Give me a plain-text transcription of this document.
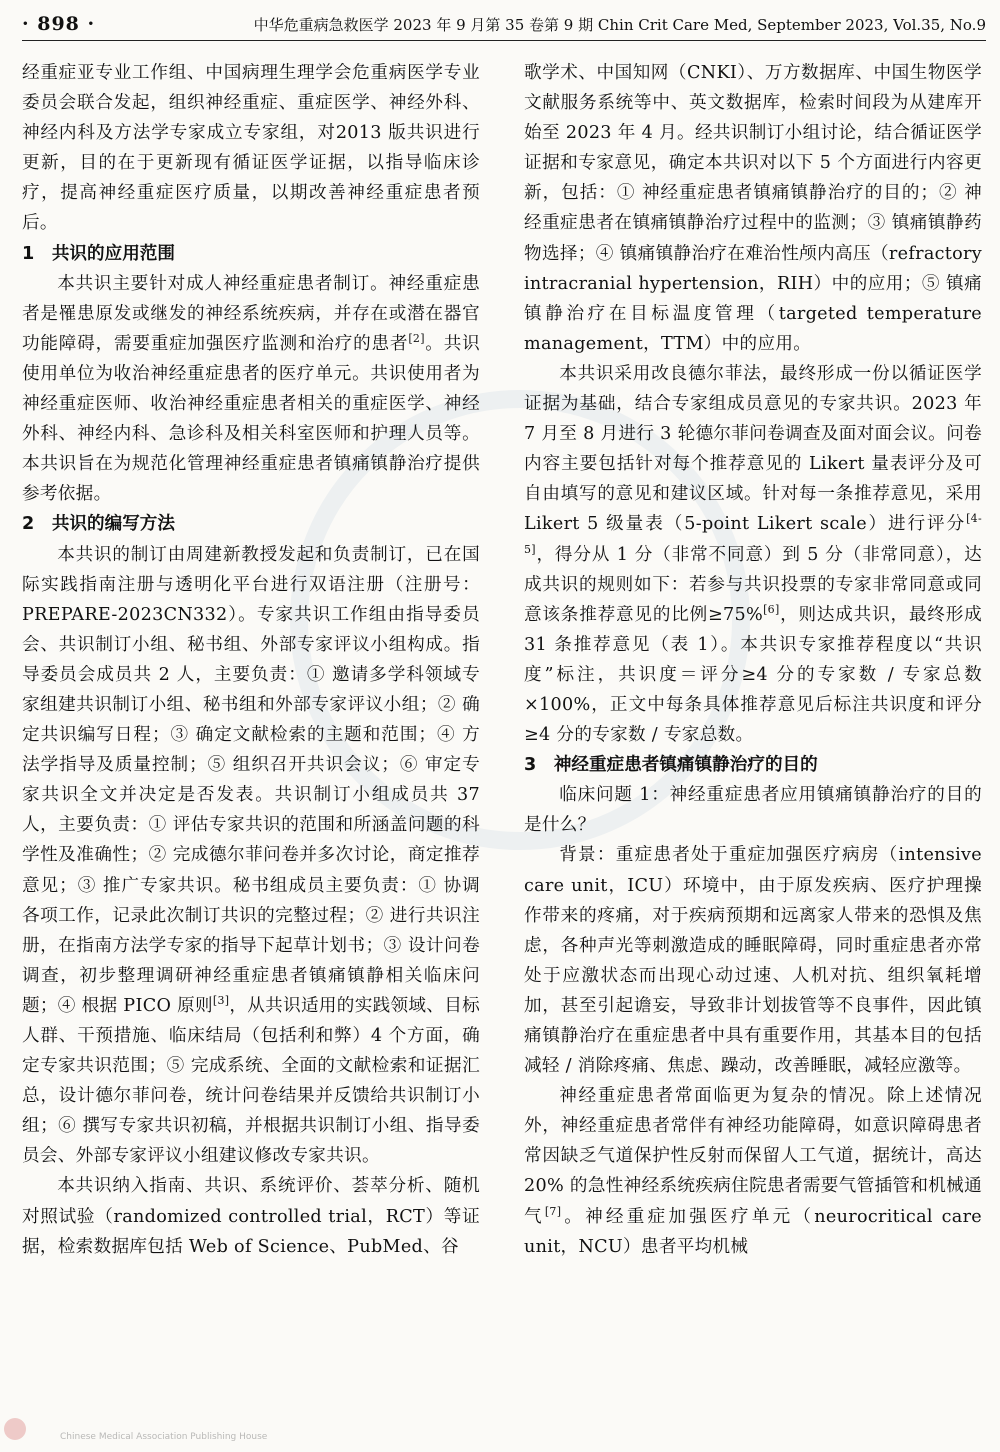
· 898 ·	中华危重病急救医学 2023 年 9 月第 35 卷第 9 期 Chin Crit Care Med, September 2023, Vol.35, No.9

经重症亚专业工作组、中国病理生理学会危重病医学专业委员会联合发起，组织神经重症、重症医学、神经外科、神经内科及方法学专家成立专家组，对2013 版共识进行更新，目的在于更新现有循证医学证据，以指导临床诊疗，提高神经重症医疗质量，以期改善神经重症患者预后。

1　共识的应用范围

本共识主要针对成人神经重症患者制订。神经重症患者是罹患原发或继发的神经系统疾病，并存在或潜在器官功能障碍，需要重症加强医疗监测和治疗的患者[2]。共识使用单位为收治神经重症患者的医疗单元。共识使用者为神经重症医师、收治神经重症患者相关的重症医学、神经外科、神经内科、急诊科及相关科室医师和护理人员等。本共识旨在为规范化管理神经重症患者镇痛镇静治疗提供参考依据。

2　共识的编写方法

本共识的制订由周建新教授发起和负责制订，已在国际实践指南注册与透明化平台进行双语注册（注册号：PREPARE-2023CN332）。专家共识工作组由指导委员会、共识制订小组、秘书组、外部专家评议小组构成。指导委员会成员共 2 人，主要负责：① 邀请多学科领域专家组建共识制订小组、秘书组和外部专家评议小组；② 确定共识编写日程；③ 确定文献检索的主题和范围；④ 方法学指导及质量控制；⑤ 组织召开共识会议；⑥ 审定专家共识全文并决定是否发表。共识制订小组成员共 37 人，主要负责：① 评估专家共识的范围和所涵盖问题的科学性及准确性；② 完成德尔菲问卷并多次讨论，商定推荐意见；③ 推广专家共识。秘书组成员主要负责：① 协调各项工作，记录此次制订共识的完整过程；② 进行共识注册，在指南方法学专家的指导下起草计划书；③ 设计问卷调查，初步整理调研神经重症患者镇痛镇静相关临床问题；④ 根据 PICO 原则[3]，从共识适用的实践领域、目标人群、干预措施、临床结局（包括利和弊）4 个方面，确定专家共识范围；⑤ 完成系统、全面的文献检索和证据汇总，设计德尔菲问卷，统计问卷结果并反馈给共识制订小组；⑥ 撰写专家共识初稿，并根据共识制订小组、指导委员会、外部专家评议小组建议修改专家共识。

本共识纳入指南、共识、系统评价、荟萃分析、随机对照试验（randomized controlled trial，RCT）等证据，检索数据库包括 Web of Science、PubMed、谷

歌学术、中国知网（CNKI）、万方数据库、中国生物医学文献服务系统等中、英文数据库，检索时间段为从建库开始至 2023 年 4 月。经共识制订小组讨论，结合循证医学证据和专家意见，确定本共识对以下 5 个方面进行内容更新，包括：① 神经重症患者镇痛镇静治疗的目的；② 神经重症患者在镇痛镇静治疗过程中的监测；③ 镇痛镇静药物选择；④ 镇痛镇静治疗在难治性颅内高压（refractory intracranial hypertension，RIH）中的应用；⑤ 镇痛镇静治疗在目标温度管理（targeted temperature management，TTM）中的应用。

本共识采用改良德尔菲法，最终形成一份以循证医学证据为基础，结合专家组成员意见的专家共识。2023 年 7 月至 8 月进行 3 轮德尔菲问卷调查及面对面会议。问卷内容主要包括针对每个推荐意见的 Likert 量表评分及可自由填写的意见和建议区域。针对每一条推荐意见，采用 Likert 5 级量表（5-point Likert scale）进行评分[4-5]，得分从 1 分（非常不同意）到 5 分（非常同意），达成共识的规则如下：若参与共识投票的专家非常同意或同意该条推荐意见的比例≥75%[6]，则达成共识，最终形成31 条推荐意见（表 1）。本共识专家推荐程度以“共识度”标注，共识度＝评分≥4 分的专家数 / 专家总数 ×100%，正文中每条具体推荐意见后标注共识度和评分≥4 分的专家数 / 专家总数。

3　神经重症患者镇痛镇静治疗的目的

临床问题 1：神经重症患者应用镇痛镇静治疗的目的是什么？

背景：重症患者处于重症加强医疗病房（intensive care unit，ICU）环境中，由于原发疾病、医疗护理操作带来的疼痛，对于疾病预期和远离家人带来的恐惧及焦虑，各种声光等刺激造成的睡眠障碍，同时重症患者亦常处于应激状态而出现心动过速、人机对抗、组织氧耗增加，甚至引起谵妄，导致非计划拔管等不良事件，因此镇痛镇静治疗在重症患者中具有重要作用，其基本目的包括减轻 / 消除疼痛、焦虑、躁动，改善睡眠，减轻应激等。

神经重症患者常面临更为复杂的情况。除上述情况外，神经重症患者常伴有神经功能障碍，如意识障碍患者常因缺乏气道保护性反射而保留人工气道，据统计，高达 20% 的急性神经系统疾病住院患者需要气管插管和机械通气[7]。神经重症加强医疗单元（neurocritical care unit，NCU）患者平均机械

Chinese Medical Association Publishing House
